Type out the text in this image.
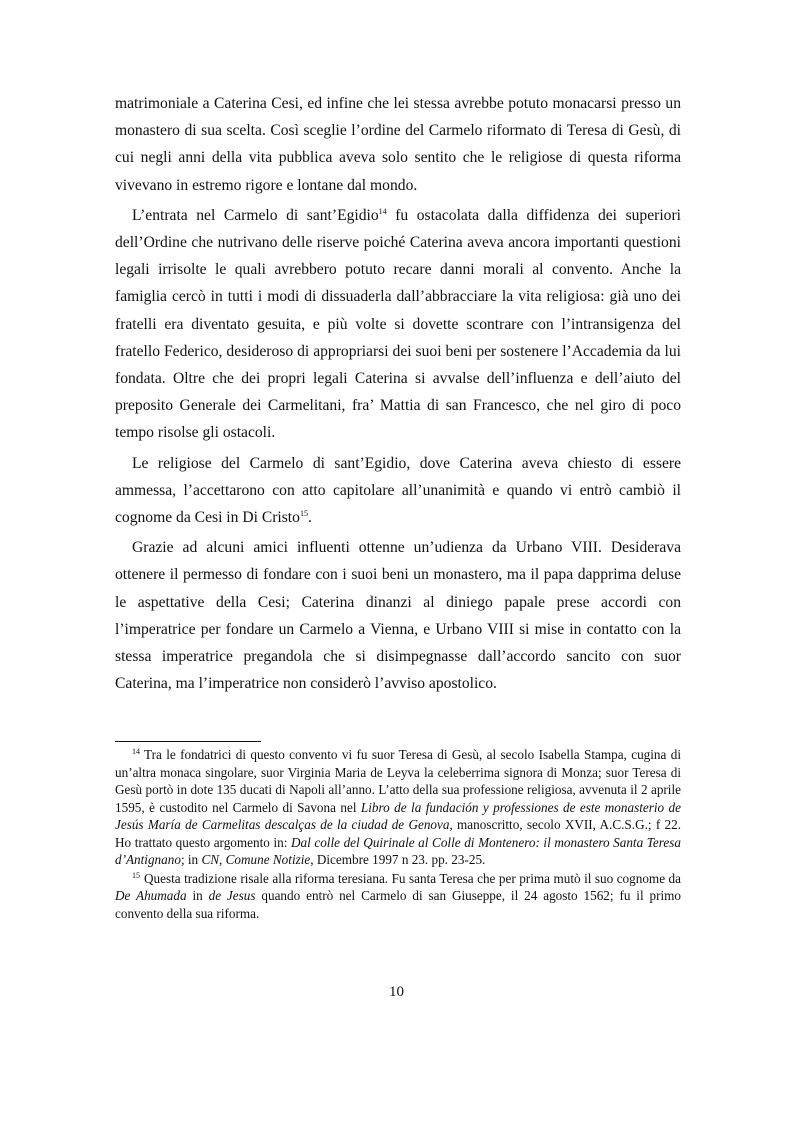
matrimoniale a Caterina Cesi, ed infine che lei stessa avrebbe potuto monacarsi presso un monastero di sua scelta. Così sceglie l’ordine del Carmelo riformato di Teresa di Gesù, di cui negli anni della vita pubblica aveva solo sentito che le religiose di questa riforma vivevano in estremo rigore e lontane dal mondo.

L’entrata nel Carmelo di sant’Egidio$^{14}$ fu ostacolata dalla diffidenza dei superiori dell’Ordine che nutrivano delle riserve poiché Caterina aveva ancora importanti questioni legali irrisolte le quali avrebbero potuto recare danni morali al convento. Anche la famiglia cercò in tutti i modi di dissuaderla dall’abbracciare la vita religiosa: già uno dei fratelli era diventato gesuita, e più volte si dovette scontrare con l’intransigenza del fratello Federico, desideroso di appropriarsi dei suoi beni per sostenere l’Accademia da lui fondata. Oltre che dei propri legali Caterina si avvalse dell’influenza e dell’aiuto del preposito Generale dei Carmelitani, fra’ Mattia di san Francesco, che nel giro di poco tempo risolse gli ostacoli.

Le religiose del Carmelo di sant’Egidio, dove Caterina aveva chiesto di essere ammessa, l’accettarono con atto capitolare all’unanimità e quando vi entrò cambiò il cognome da Cesi in Di Cristo$^{15}$.

Grazie ad alcuni amici influenti ottenne un’udienza da Urbano VIII. Desiderava ottenere il permesso di fondare con i suoi beni un monastero, ma il papa dapprima deluse le aspettative della Cesi; Caterina dinanzi al diniego papale prese accordi con l’imperatrice per fondare un Carmelo a Vienna, e Urbano VIII si mise in contatto con la stessa imperatrice pregandola che si disimpegnasse dall’accordo sancito con suor Caterina, ma l’imperatrice non considerò l’avviso apostolico.

$^{14}$ Tra le fondatrici di questo convento vi fu suor Teresa di Gesù, al secolo Isabella Stampa, cugina di un’altra monaca singolare, suor Virginia Maria de Leyva la celeberrima signora di Monza; suor Teresa di Gesù portò in dote 135 ducati di Napoli all’anno. L’atto della sua professione religiosa, avvenuta il 2 aprile 1595, è custodito nel Carmelo di Savona nel Libro de la fundación y professiones de este monasterio de Jesús María de Carmelitas descalças de la ciudad de Genova, manoscritto, secolo XVII, A.C.S.G.; f 22. Ho trattato questo argomento in: Dal colle del Quirinale al Colle di Montenero: il monastero Santa Teresa d’Antignano; in CN, Comune Notizie, Dicembre 1997 n 23. pp. 23-25.

$^{15}$ Questa tradizione risale alla riforma teresiana. Fu santa Teresa che per prima mutò il suo cognome da De Ahumada in de Jesus quando entrò nel Carmelo di san Giuseppe, il 24 agosto 1562; fu il primo convento della sua riforma.

10
